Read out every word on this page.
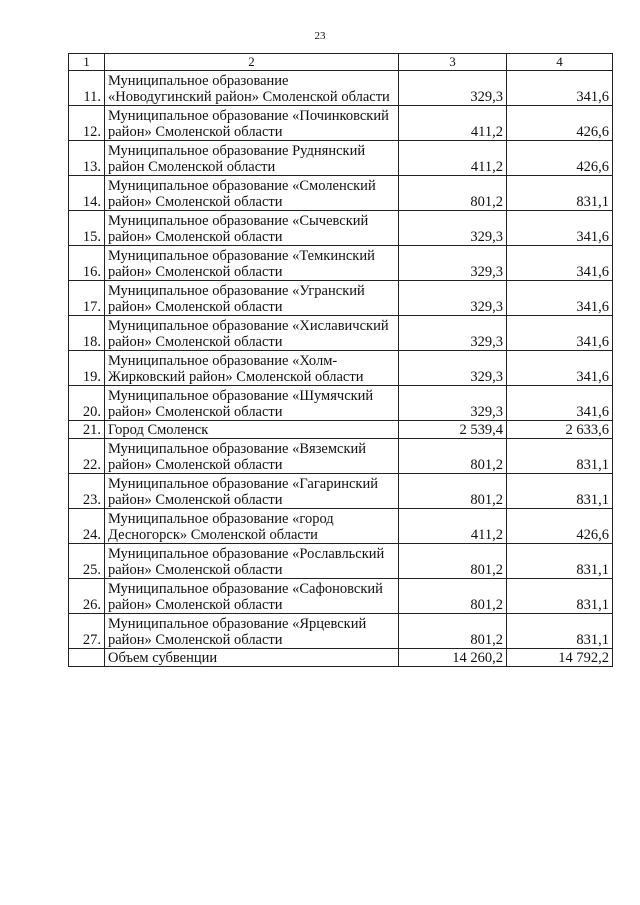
23
1	2	3	4
11.	Муниципальное образование «Новодугинский район» Смоленской области	329,3	341,6
12.	Муниципальное образование «Починковский район» Смоленской области	411,2	426,6
13.	Муниципальное образование Руднянский район Смоленской области	411,2	426,6
14.	Муниципальное образование «Смоленский район» Смоленской области	801,2	831,1
15.	Муниципальное образование «Сычевский район» Смоленской области	329,3	341,6
16.	Муниципальное образование «Темкинский район» Смоленской области	329,3	341,6
17.	Муниципальное образование «Угранский район» Смоленской области	329,3	341,6
18.	Муниципальное образование «Хиславичский район» Смоленской области	329,3	341,6
19.	Муниципальное образование «Холм-Жирковский район» Смоленской области	329,3	341,6
20.	Муниципальное образование «Шумячский район» Смоленской области	329,3	341,6
21.	Город Смоленск	2 539,4	2 633,6
22.	Муниципальное образование «Вяземский район» Смоленской области	801,2	831,1
23.	Муниципальное образование «Гагаринский район» Смоленской области	801,2	831,1
24.	Муниципальное образование «город Десногорск» Смоленской области	411,2	426,6
25.	Муниципальное образование «Рославльский район» Смоленской области	801,2	831,1
26.	Муниципальное образование «Сафоновский район» Смоленской области	801,2	831,1
27.	Муниципальное образование «Ярцевский район» Смоленской области	801,2	831,1
	Объем субвенции	14 260,2	14 792,2
